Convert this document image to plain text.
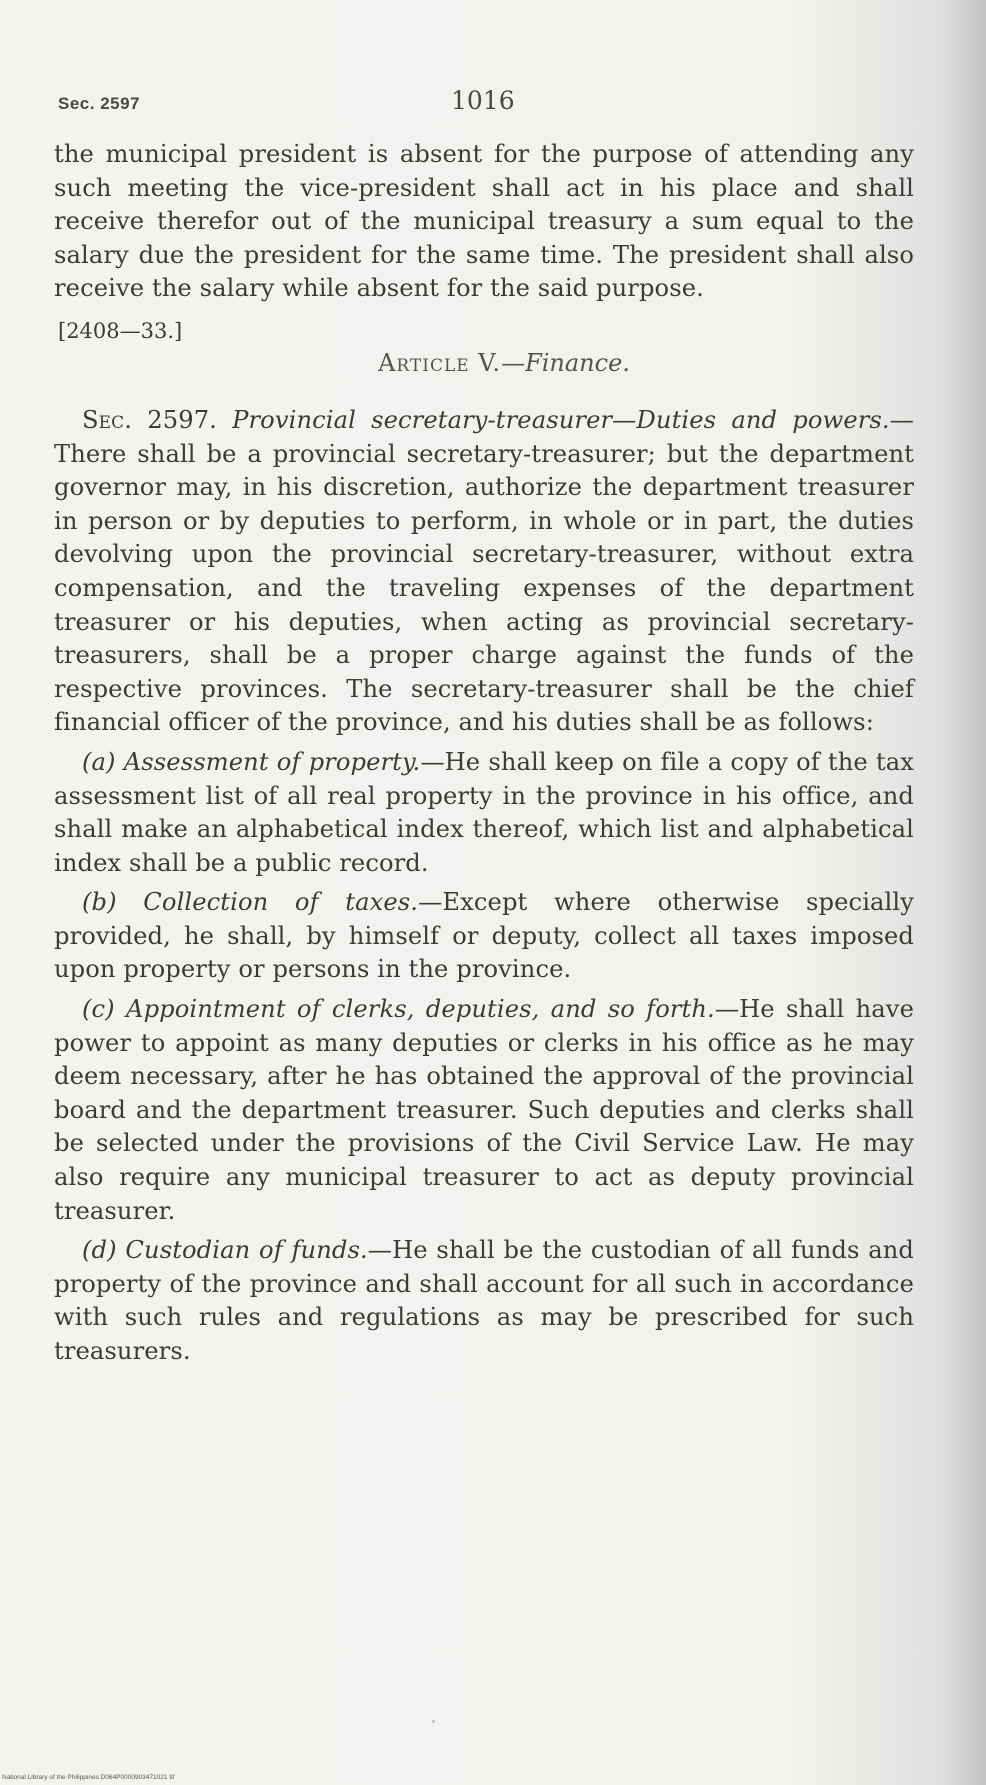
Sec. 2597	1016

the municipal president is absent for the purpose of attending any such meeting the vice-president shall act in his place and shall receive therefor out of the municipal treasury a sum equal to the salary due the president for the same time. The president shall also receive the salary while absent for the said purpose.

[2408—33.]

Article V.—Finance.

Sec. 2597. Provincial secretary-treasurer—Duties and powers.—There shall be a provincial secretary-treasurer; but the department governor may, in his discretion, authorize the department treasurer in person or by deputies to perform, in whole or in part, the duties devolving upon the provincial secretary-treasurer, without extra compensation, and the traveling expenses of the department treasurer or his deputies, when acting as provincial secretary-treasurers, shall be a proper charge against the funds of the respective provinces. The secretary-treasurer shall be the chief financial officer of the province, and his duties shall be as follows:

(a) Assessment of property.—He shall keep on file a copy of the tax assessment list of all real property in the province in his office, and shall make an alphabetical index thereof, which list and alphabetical index shall be a public record.

(b) Collection of taxes.—Except where otherwise specially provided, he shall, by himself or deputy, collect all taxes imposed upon property or persons in the province.

(c) Appointment of clerks, deputies, and so forth.—He shall have power to appoint as many deputies or clerks in his office as he may deem necessary, after he has obtained the approval of the provincial board and the department treasurer. Such deputies and clerks shall be selected under the provisions of the Civil Service Law. He may also require any municipal treasurer to act as deputy provincial treasurer.

(d) Custodian of funds.—He shall be the custodian of all funds and property of the province and shall account for all such in accordance with such rules and regulations as may be prescribed for such treasurers.

National Library of the Philippines D064P0000903471021 tif
